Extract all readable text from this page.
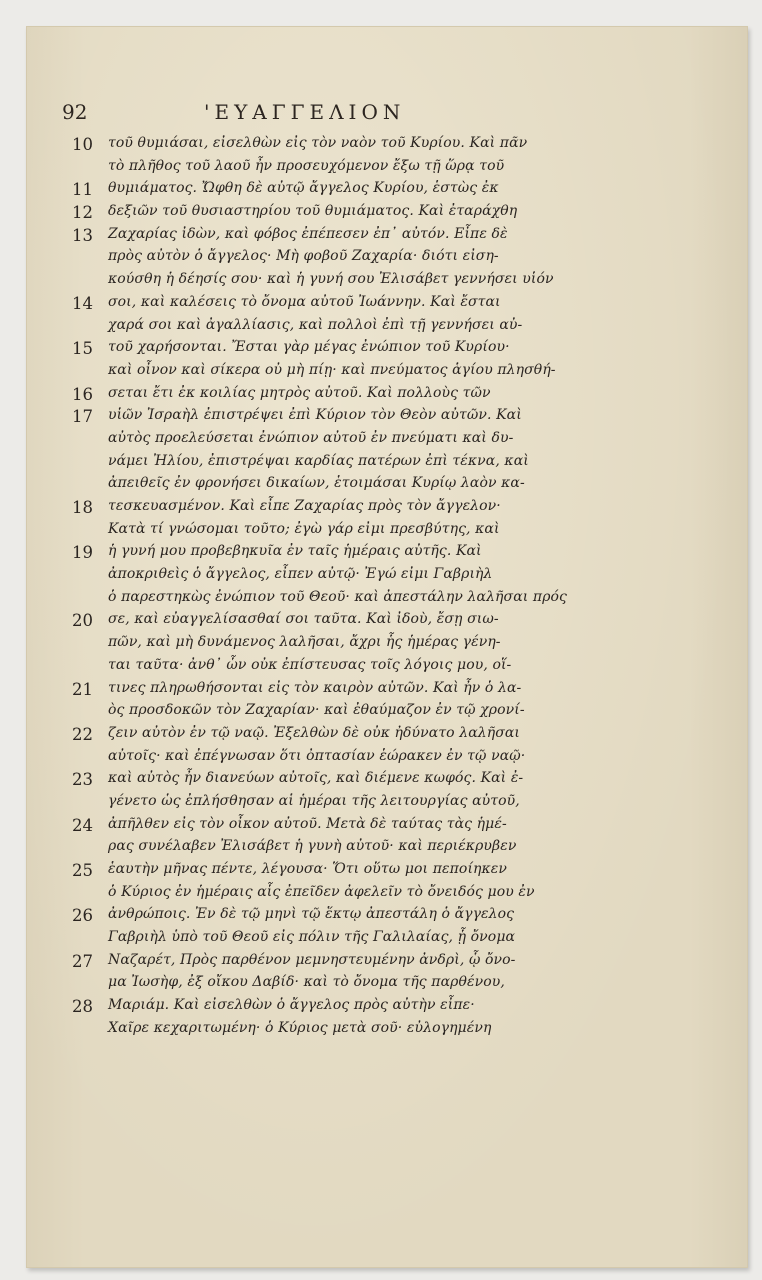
92	'ΕΥΑΓΓΕΛΙΟΝ
10	τοῦ θυμιάσαι, εἰσελθὼν εἰς τὸν ναὸν τοῦ Κυρίου. Καὶ πᾶν
τὸ πλῆθος τοῦ λαοῦ ἦν προσευχόμενον ἔξω τῇ ὥρᾳ τοῦ
11	θυμιάματος. Ὤφθη δὲ αὐτῷ ἄγγελος Κυρίου, ἑστὼς ἐκ
12	δεξιῶν τοῦ θυσιαστηρίου τοῦ θυμιάματος. Καὶ ἐταράχθη
13	Ζαχαρίας ἰδὼν, καὶ φόβος ἐπέπεσεν ἐπ᾽ αὐτόν. Εἶπε δὲ
πρὸς αὐτὸν ὁ ἄγγελος· Μὴ φοβοῦ Ζαχαρία· διότι εἰση-
κούσθη ἡ δέησίς σου· καὶ ἡ γυνή σου Ἐλισάβετ γεννήσει υἱόν
14	σοι, καὶ καλέσεις τὸ ὄνομα αὐτοῦ Ἰωάννην. Καὶ ἔσται
χαρά σοι καὶ ἀγαλλίασις, καὶ πολλοὶ ἐπὶ τῇ γεννήσει αὐ-
15	τοῦ χαρήσονται. Ἔσται γὰρ μέγας ἐνώπιον τοῦ Κυρίου·
καὶ οἶνον καὶ σίκερα οὐ μὴ πίῃ· καὶ πνεύματος ἁγίου πλησθή-
16	σεται ἔτι ἐκ κοιλίας μητρὸς αὐτοῦ. Καὶ πολλοὺς τῶν
17	υἱῶν Ἰσραὴλ ἐπιστρέψει ἐπὶ Κύριον τὸν Θεὸν αὐτῶν. Καὶ
αὐτὸς προελεύσεται ἐνώπιον αὐτοῦ ἐν πνεύματι καὶ δυ-
νάμει Ἠλίου, ἐπιστρέψαι καρδίας πατέρων ἐπὶ τέκνα, καὶ
ἀπειθεῖς ἐν φρονήσει δικαίων, ἑτοιμάσαι Κυρίῳ λαὸν κα-
18	τεσκευασμένον. Καὶ εἶπε Ζαχαρίας πρὸς τὸν ἄγγελον·
Κατὰ τί γνώσομαι τοῦτο; ἐγὼ γάρ εἰμι πρεσβύτης, καὶ
19	ἡ γυνή μου προβεβηκυῖα ἐν ταῖς ἡμέραις αὐτῆς. Καὶ
ἀποκριθεὶς ὁ ἄγγελος, εἶπεν αὐτῷ· Ἐγώ εἰμι Γαβριὴλ
ὁ παρεστηκὼς ἐνώπιον τοῦ Θεοῦ· καὶ ἀπεστάλην λαλῆσαι πρός
20	σε, καὶ εὐαγγελίσασθαί σοι ταῦτα. Καὶ ἰδοὺ, ἔσῃ σιω-
πῶν, καὶ μὴ δυνάμενος λαλῆσαι, ἄχρι ἧς ἡμέρας γένη-
ται ταῦτα· ἀνθ᾽ ὧν οὐκ ἐπίστευσας τοῖς λόγοις μου, οἵ-
21	τινες πληρωθήσονται εἰς τὸν καιρὸν αὐτῶν. Καὶ ἦν ὁ λα-
ὸς προσδοκῶν τὸν Ζαχαρίαν· καὶ ἐθαύμαζον ἐν τῷ χρονί-
22	ζειν αὐτὸν ἐν τῷ ναῷ. Ἐξελθὼν δὲ οὐκ ἠδύνατο λαλῆσαι
αὐτοῖς· καὶ ἐπέγνωσαν ὅτι ὀπτασίαν ἑώρακεν ἐν τῷ ναῷ·
23	καὶ αὐτὸς ἦν διανεύων αὐτοῖς, καὶ διέμενε κωφός. Καὶ ἐ-
γένετο ὡς ἐπλήσθησαν αἱ ἡμέραι τῆς λειτουργίας αὐτοῦ,
24	ἀπῆλθεν εἰς τὸν οἶκον αὐτοῦ. Μετὰ δὲ ταύτας τὰς ἡμέ-
ρας συνέλαβεν Ἐλισάβετ ἡ γυνὴ αὐτοῦ· καὶ περιέκρυβεν
25	ἑαυτὴν μῆνας πέντε, λέγουσα· Ὅτι οὕτω μοι πεποίηκεν
ὁ Κύριος ἐν ἡμέραις αἷς ἐπεῖδεν ἀφελεῖν τὸ ὄνειδός μου ἐν
26	ἀνθρώποις. Ἐν δὲ τῷ μηνὶ τῷ ἕκτῳ ἀπεστάλη ὁ ἄγγελος
Γαβριὴλ ὑπὸ τοῦ Θεοῦ εἰς πόλιν τῆς Γαλιλαίας, ᾗ ὄνομα
27	Ναζαρέτ, Πρὸς παρθένον μεμνηστευμένην ἀνδρὶ, ᾧ ὄνο-
μα Ἰωσὴφ, ἐξ οἴκου Δαβίδ· καὶ τὸ ὄνομα τῆς παρθένου,
28	Μαριάμ. Καὶ εἰσελθὼν ὁ ἄγγελος πρὸς αὐτὴν εἶπε·
Χαῖρε κεχαριτωμένη· ὁ Κύριος μετὰ σοῦ· εὐλογημένη
